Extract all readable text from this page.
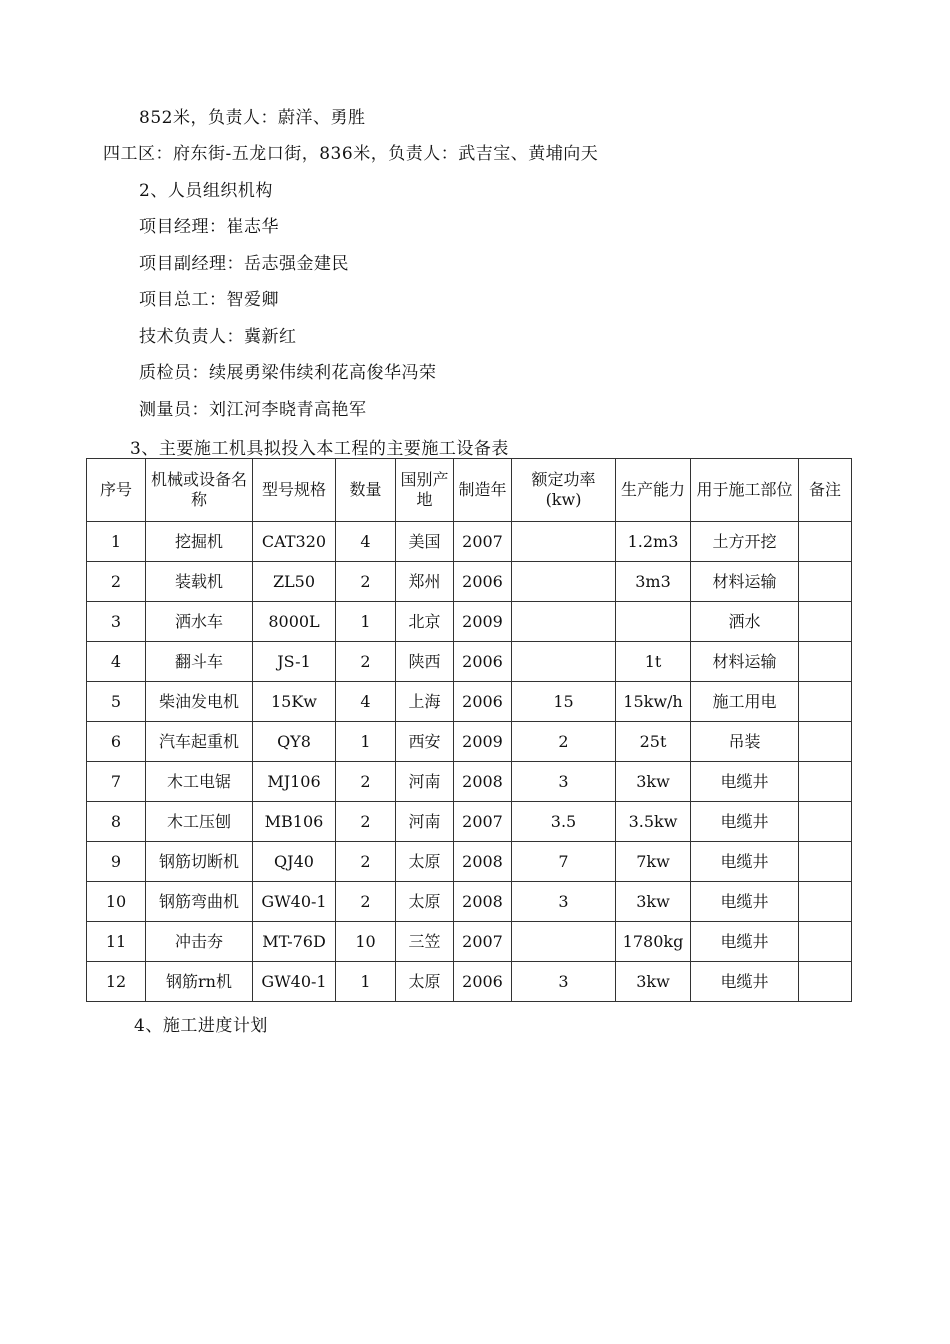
852米，负责人：蔚洋、勇胜
四工区：府东街-五龙口街，836米，负责人：武吉宝、黄埔向天
2、人员组织机构
项目经理：崔志华
项目副经理：岳志强金建民
项目总工：智爱卿
技术负责人：冀新红
质检员：续展勇梁伟续利花高俊华冯荣
测量员：刘江河李晓青高艳军
3、主要施工机具拟投入本工程的主要施工设备表
序号	机械或设备名称	型号规格	数量	国别产地	制造年	额定功率(kw)	生产能力	用于施工部位	备注
1	挖掘机	CAT320	4	美国	2007		1.2m3	土方开挖	
2	装载机	ZL50	2	郑州	2006		3m3	材料运输	
3	洒水车	8000L	1	北京	2009			洒水	
4	翻斗车	JS-1	2	陕西	2006		1t	材料运输	
5	柴油发电机	15Kw	4	上海	2006	15	15kw/h	施工用电	
6	汽车起重机	QY8	1	西安	2009	2	25t	吊装	
7	木工电锯	MJ106	2	河南	2008	3	3kw	电缆井	
8	木工压刨	MB106	2	河南	2007	3.5	3.5kw	电缆井	
9	钢筋切断机	QJ40	2	太原	2008	7	7kw	电缆井	
10	钢筋弯曲机	GW40-1	2	太原	2008	3	3kw	电缆井	
11	冲击夯	MT-76D	10	三笠	2007		1780kg	电缆井	
12	钢筋rn机	GW40-1	1	太原	2006	3	3kw	电缆井	
4、施工进度计划
